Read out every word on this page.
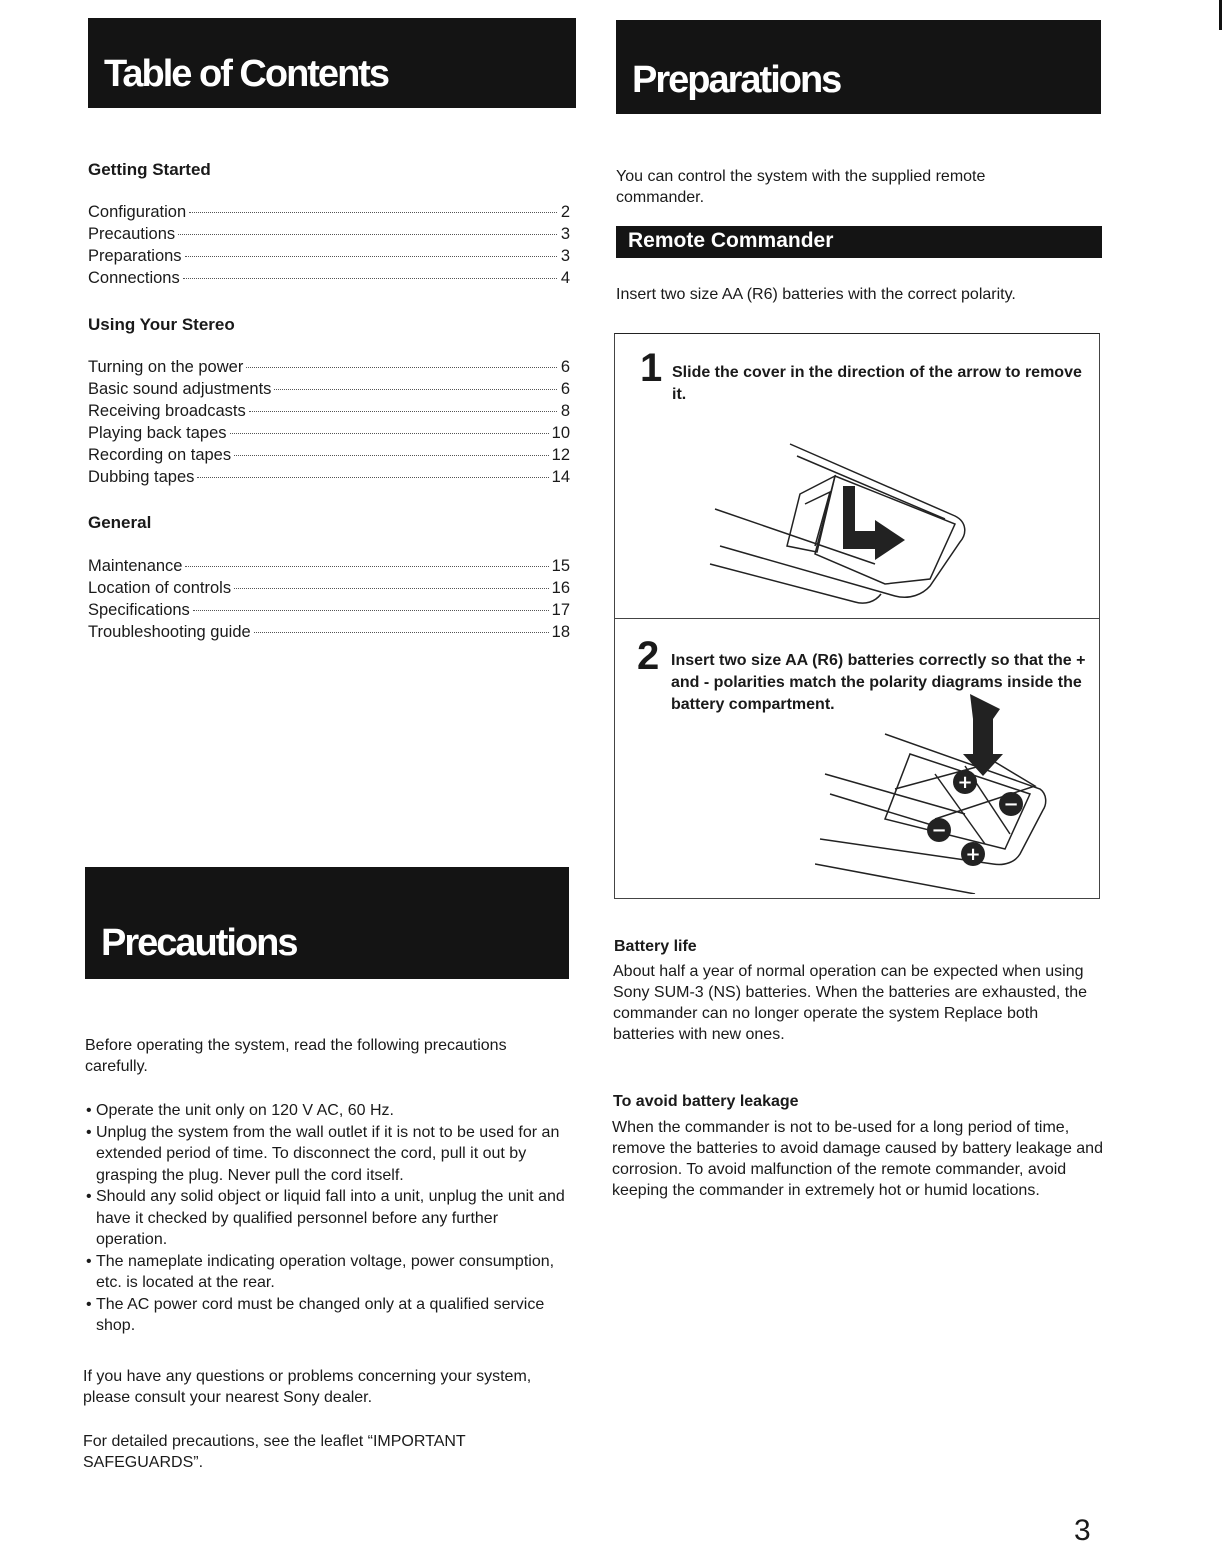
Table of Contents
Getting Started
Configuration	2
Precautions	3
Preparations	3
Connections	4
Using Your Stereo
Turning on the power	6
Basic sound adjustments	6
Receiving broadcasts	8
Playing back tapes	10
Recording on tapes	12
Dubbing tapes	14
General
Maintenance	15
Location of controls	16
Specifications	17
Troubleshooting guide	18
Precautions

Before operating the system, read the following precautions carefully.

• Operate the unit only on 120 V AC, 60 Hz.
• Unplug the system from the wall outlet if it is not to be used for an extended period of time. To disconnect the cord, pull it out by grasping the plug. Never pull the cord itself.
• Should any solid object or liquid fall into a unit, unplug the unit and have it checked by qualified personnel before any further operation.
• The nameplate indicating operation voltage, power consumption, etc. is located at the rear.
• The AC power cord must be changed only at a qualified service shop.

If you have any questions or problems concerning your system, please consult your nearest Sony dealer.

For detailed precautions, see the leaflet “IMPORTANT SAFEGUARDS”.

Preparations

You can control the system with the supplied remote commander.

Remote Commander

Insert two size AA (R6) batteries with the correct polarity.

1 Slide the cover in the direction of the arrow to remove it.

2 Insert two size AA (R6) batteries correctly so that the + and - polarities match the polarity diagrams inside the battery compartment.

+
−
−
+
Battery life

About half a year of normal operation can be expected when using Sony SUM-3 (NS) batteries. When the batteries are exhausted, the commander can no longer operate the system Replace both batteries with new ones.

To avoid battery leakage

When the commander is not to be-used for a long period of time, remove the batteries to avoid damage caused by battery leakage and corrosion. To avoid malfunction of the remote commander, avoid keeping the commander in extremely hot or humid locations.

3
